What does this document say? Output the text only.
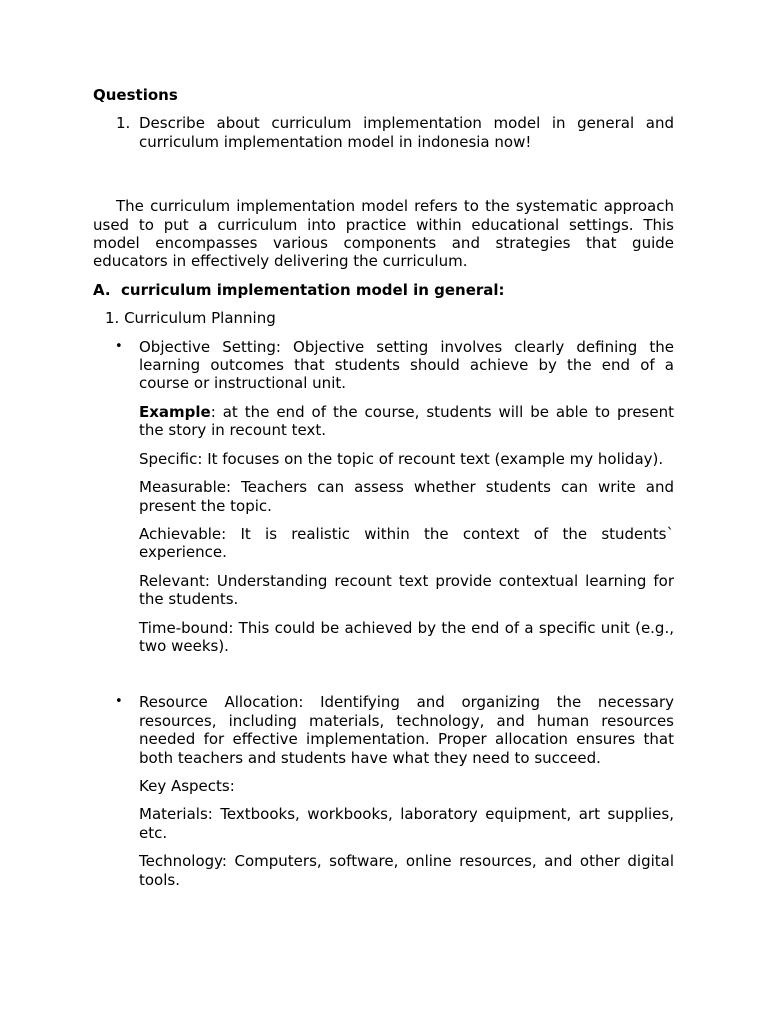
Questions
1. Describe about curriculum implementation model in general and curriculum implementation model in indonesia now!
The curriculum implementation model refers to the systematic approach used to put a curriculum into practice within educational settings. This model encompasses various components and strategies that guide educators in effectively delivering the curriculum.
A. curriculum implementation model in general:
1. Curriculum Planning
• Objective Setting: Objective setting involves clearly defining the learning outcomes that students should achieve by the end of a course or instructional unit.
Example: at the end of the course, students will be able to present the story in recount text.
Specific: It focuses on the topic of recount text (example my holiday).
Measurable: Teachers can assess whether students can write and present the topic.
Achievable: It is realistic within the context of the students` experience.
Relevant: Understanding recount text provide contextual learning for the students.
Time-bound: This could be achieved by the end of a specific unit (e.g., two weeks).
• Resource Allocation: Identifying and organizing the necessary resources, including materials, technology, and human resources needed for effective implementation. Proper allocation ensures that both teachers and students have what they need to succeed.
Key Aspects:
Materials: Textbooks, workbooks, laboratory equipment, art supplies, etc.
Technology: Computers, software, online resources, and other digital tools.
